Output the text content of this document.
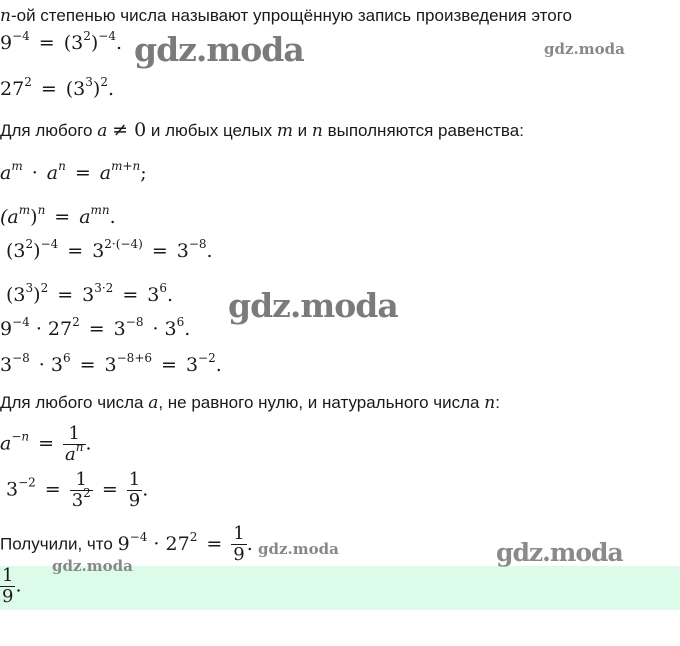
n-ой степенью числа называют упрощённую запись произведения этого
$9^{-4} = (3^2)^{-4}$.
$27^2 = (3^3)^2$.
Для любого a ≠ 0 и любых целых m и n выполняются равенства:
$a^m \cdot a^n = a^{m+n}$;
$(a^m)^n = a^{mn}$.
$(3^2)^{-4} = 3^{2\cdot(-4)} = 3^{-8}$.
$(3^3)^2 = 3^{3\cdot 2} = 3^6$.
$9^{-4} \cdot 27^2 = 3^{-8} \cdot 3^6$.
$3^{-8} \cdot 3^6 = 3^{-8+6} = 3^{-2}$.
Для любого числа a, не равного нулю, и натурального числа n:
$a^{-n} = \frac{1}{a^n}$ .
$3^{-2} = \frac{1}{3^2} = \frac{1}{9}$ .
Получили, что $9^{-4} \cdot 27^2 = \frac{1}{9}$ .
$\frac{1}{9}$ .
gdz.moda	gdz.moda
gdz.moda
gdz.moda	gdz.moda
gdz.moda
